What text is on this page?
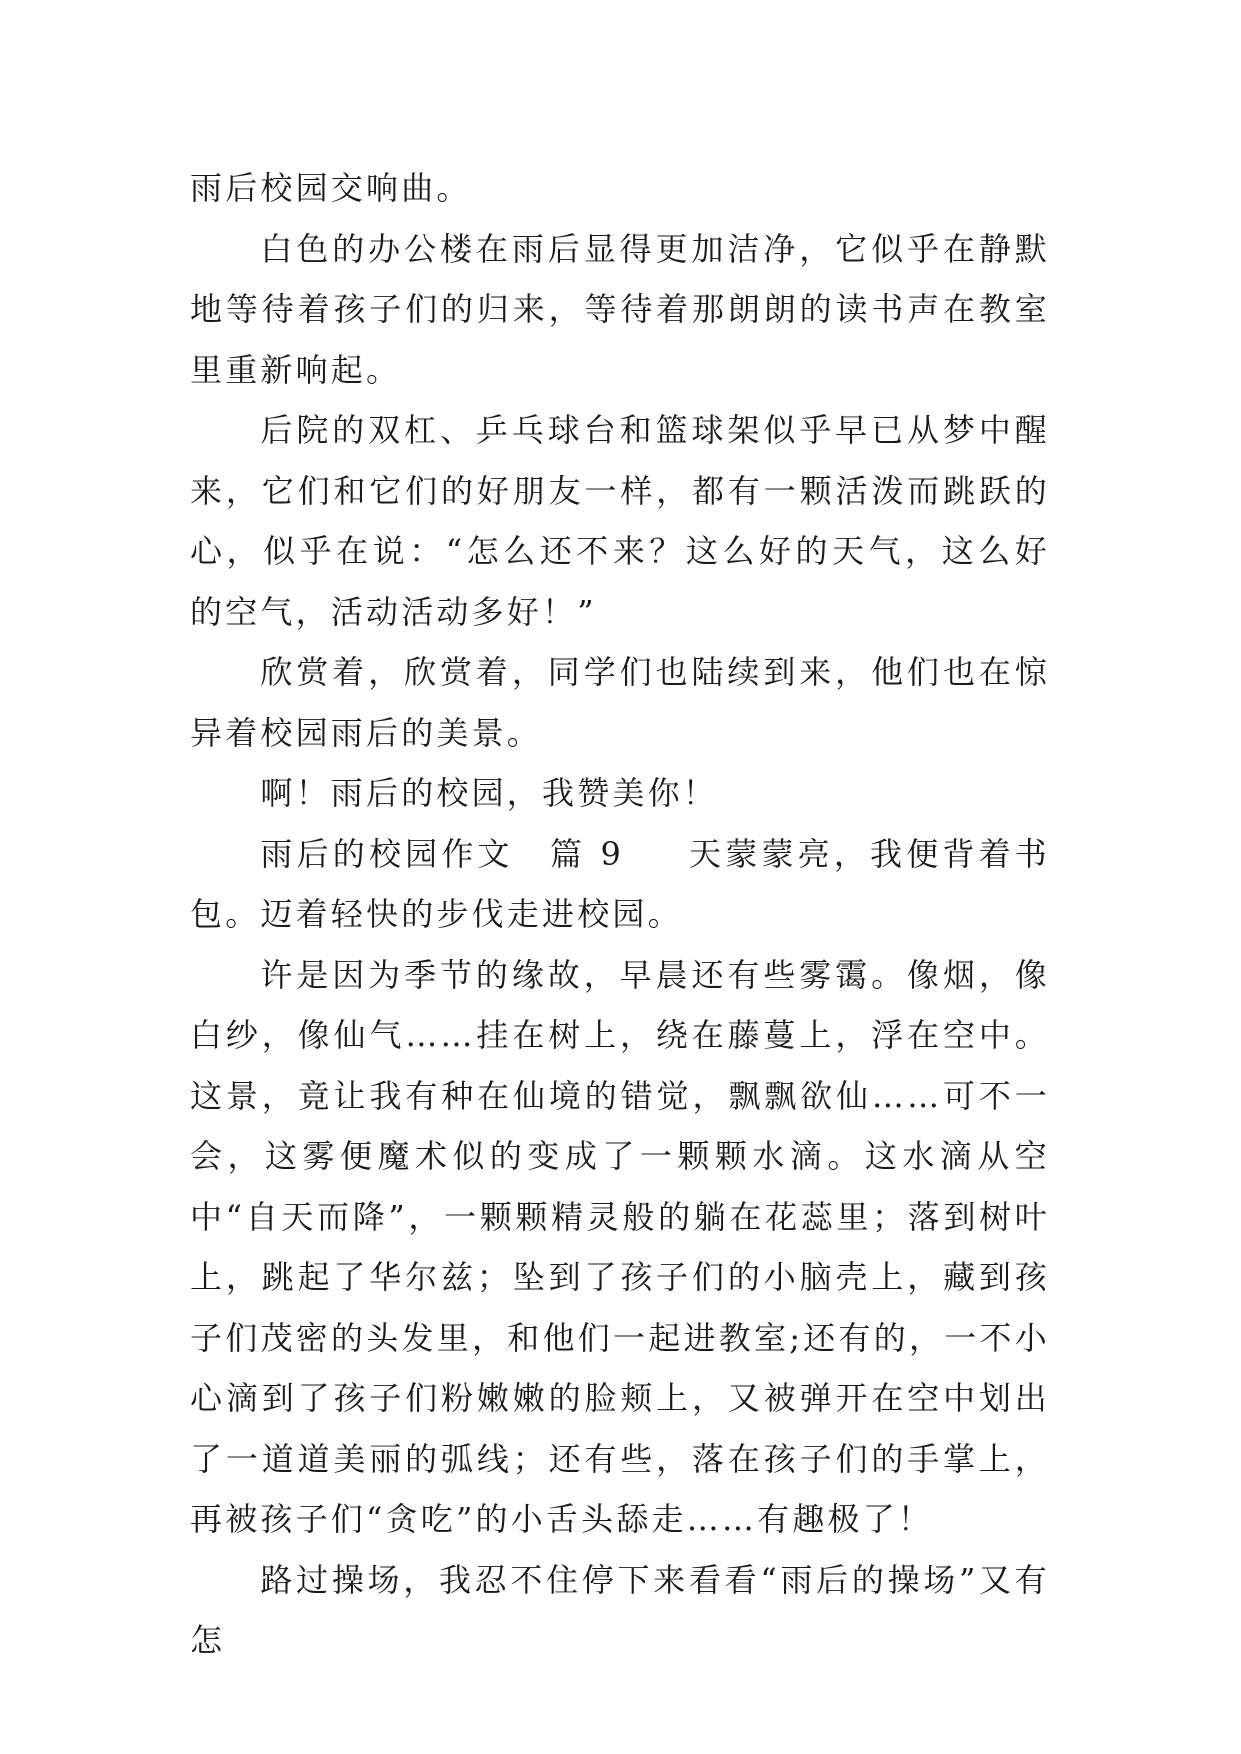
雨后校园交响曲。

白色的办公楼在雨后显得更加洁净，它似乎在静默地等待着孩子们的归来，等待着那朗朗的读书声在教室里重新响起。

后院的双杠、乒乓球台和篮球架似乎早已从梦中醒来，它们和它们的好朋友一样，都有一颗活泼而跳跃的心，似乎在说：“怎么还不来？这么好的天气，这么好的空气，活动活动多好！”

欣赏着，欣赏着，同学们也陆续到来，他们也在惊异着校园雨后的美景。

啊！雨后的校园，我赞美你！

雨后的校园作文  篇 9 天蒙蒙亮，我便背着书包。迈着轻快的步伐走进校园。

许是因为季节的缘故，早晨还有些雾霭。像烟，像白纱，像仙气……挂在树上，绕在藤蔓上，浮在空中。这景，竟让我有种在仙境的错觉，飘飘欲仙……可不一会，这雾便魔术似的变成了一颗颗水滴。这水滴从空中“自天而降”，一颗颗精灵般的躺在花蕊里；落到树叶上，跳起了华尔兹；坠到了孩子们的小脑壳上，藏到孩子们茂密的头发里，和他们一起进教室;还有的，一不小心滴到了孩子们粉嫩嫩的脸颊上，又被弹开在空中划出了一道道美丽的弧线；还有些，落在孩子们的手掌上，再被孩子们“贪吃”的小舌头舔走……有趣极了！

路过操场，我忍不住停下来看看“雨后的操场”又有怎
